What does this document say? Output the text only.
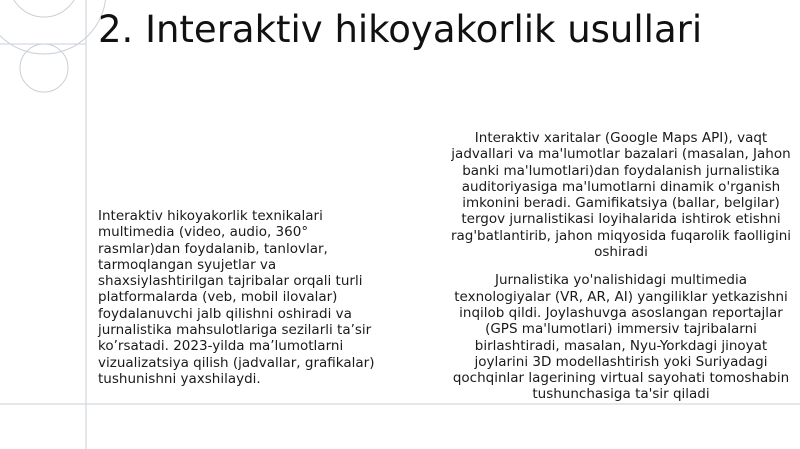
2. Interaktiv hikoyakorlik usullari
Interaktiv hikoyakorlik texnikalari multimedia (video, audio, 360° rasmlar)dan foydalanib, tanlovlar, tarmoqlangan syujetlar va shaxsiylashtirilgan tajribalar orqali turli platformalarda (veb, mobil ilovalar) foydalanuvchi jalb qilishni oshiradi va jurnalistika mahsulotlariga sezilarli ta’sir ko’rsatadi. 2023-yilda ma’lumotlarni vizualizatsiya qilish (jadvallar, grafikalar) tushunishni yaxshilaydi.

Interaktiv xaritalar (Google Maps API), vaqt jadvallari va ma'lumotlar bazalari (masalan, Jahon banki ma'lumotlari)dan foydalanish jurnalistika auditoriyasiga ma'lumotlarni dinamik o'rganish imkonini beradi. Gamifikatsiya (ballar, belgilar) tergov jurnalistikasi loyihalarida ishtirok etishni rag'batlantirib, jahon miqyosida fuqarolik faolligini oshiradi

Jurnalistika yo'nalishidagi multimedia texnologiyalar (VR, AR, AI) yangiliklar yetkazishni inqilob qildi. Joylashuvga asoslangan reportajlar (GPS ma'lumotlari) immersiv tajribalarni birlashtiradi, masalan, Nyu-Yorkdagi jinoyat joylarini 3D modellashtirish yoki Suriyadagi qochqinlar lagerining virtual sayohati tomoshabin tushunchasiga ta'sir qiladi
